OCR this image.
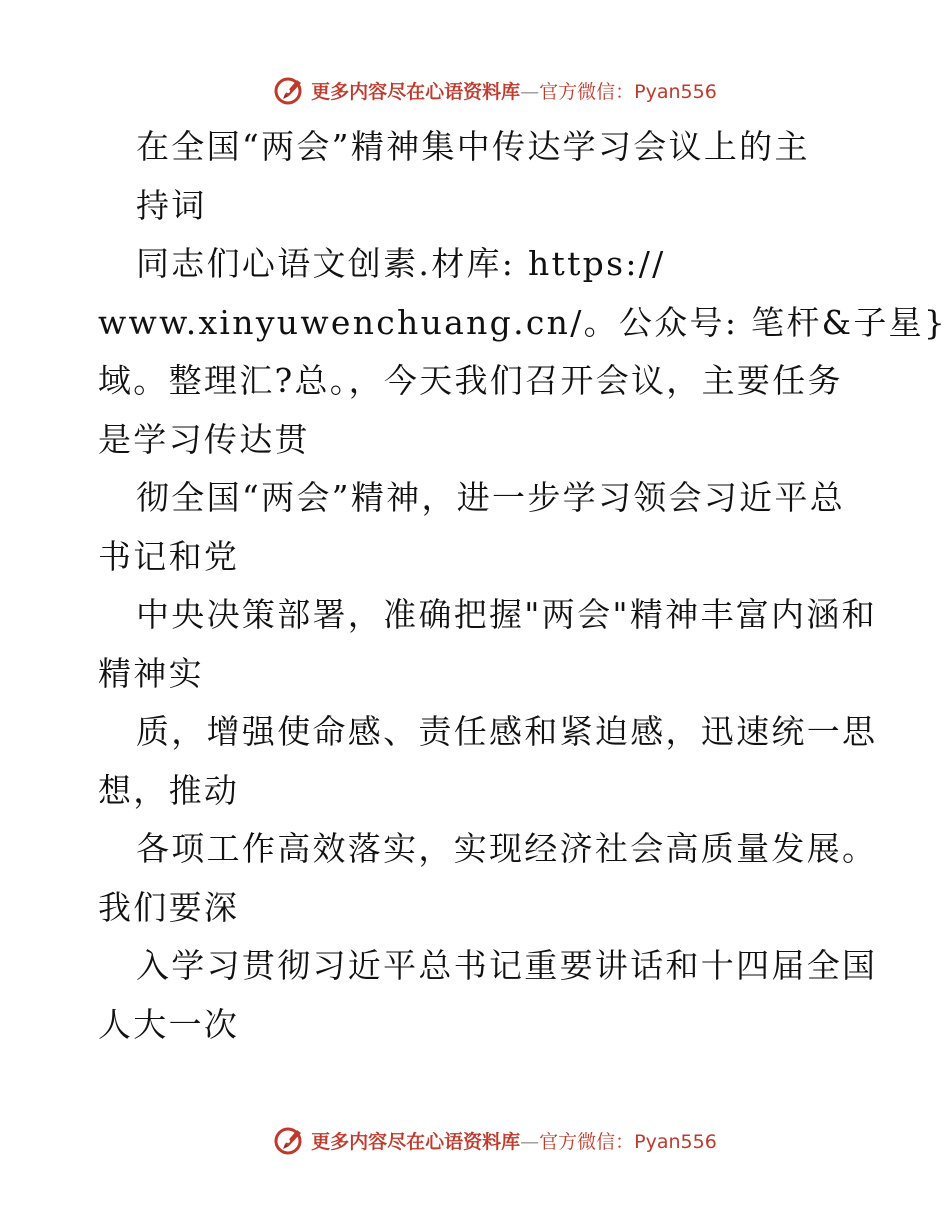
更多内容尽在心语资料库—官方微信：Pyan556
在全国“两会”精神集中传达学习会议上的主
持词
同志们心语文创素.材库: https://
www.xinyuwenchuang.cn/。公众号: 笔杆&子星}
域。整理汇?总。，今天我们召开会议，主要任务
是学习传达贯
彻全国“两会”精神，进一步学习领会习近平总
书记和党
中央决策部署，准确把握"两会"精神丰富内涵和
精神实
质，增强使命感、责任感和紧迫感，迅速统一思
想，推动
各项工作高效落实，实现经济社会高质量发展。
我们要深
入学习贯彻习近平总书记重要讲话和十四届全国
人大一次
更多内容尽在心语资料库—官方微信：Pyan556
